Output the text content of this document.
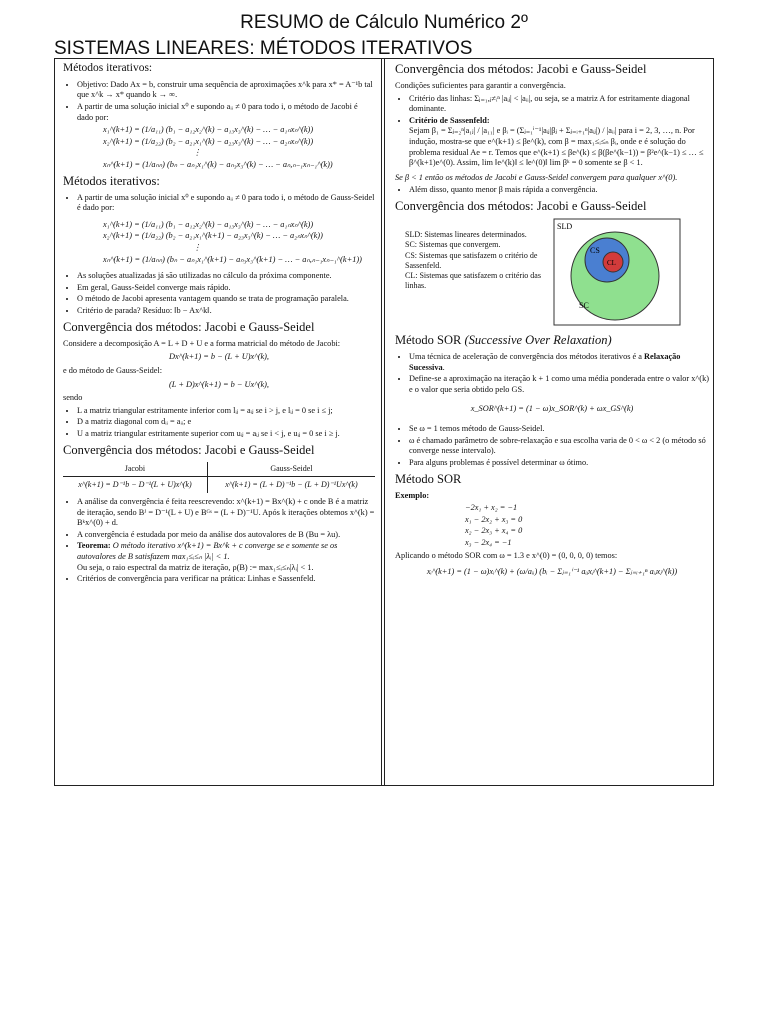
RESUMO de Cálculo Numérico 2º
SISTEMAS LINEARES: MÉTODOS ITERATIVOS
Métodos iterativos:
• Objetivo: Dado Ax = b, construir uma sequência de aproximações x^k para x* = A⁻¹b tal que x^k → x* quando k → ∞.
• A partir de uma solução inicial x⁰ e supondo aᵢᵢ ≠ 0 para todo i, o método de Jacobi é dado por:
x₁^(k+1) = (1/a₁₁) (b₁ − a₁₂x₂^(k) − a₁₃x₃^(k) − … − a₁ₙxₙ^(k))
x₂^(k+1) = (1/a₂₂) (b₂ − a₂₁x₁^(k) − a₂₃x₃^(k) − … − a₂ₙxₙ^(k))
⋮
xₙ^(k+1) = (1/aₙₙ) (bₙ − aₙ₁x₁^(k) − aₙ₃x₃^(k) − … − aₙ,ₙ₋₁xₙ₋₁^(k))
Métodos iterativos:
• A partir de uma solução inicial x⁰ e supondo aᵢᵢ ≠ 0 para todo i, o método de Gauss-Seidel é dado por:
x₁^(k+1) = (1/a₁₁) (b₁ − a₁₂x₂^(k) − a₁₃x₃^(k) − … − a₁ₙxₙ^(k))
x₂^(k+1) = (1/a₂₂) (b₂ − a₂₁x₁^(k+1) − a₂₃x₃^(k) − … − a₂ₙxₙ^(k))
⋮
xₙ^(k+1) = (1/aₙₙ) (bₙ − aₙ₁x₁^(k+1) − aₙ₃x₃^(k+1) − … − aₙ,ₙ₋₁xₙ₋₁^(k+1))
• As soluções atualizadas já são utilizadas no cálculo da próxima componente.
• Em geral, Gauss-Seidel converge mais rápido.
• O método de Jacobi apresenta vantagem quando se trata de programação paralela.
• Critério de parada? Resíduo: ‖b − Ax^k‖.
Convergência dos métodos: Jacobi e Gauss-Seidel

Considere a decomposição A = L + D + U e a forma matricial do método de Jacobi:

Dx^(k+1) = b − (L + U)x^(k),

e do método de Gauss-Seidel:

(L + D)x^(k+1) = b − Ux^(k),

sendo

• L a matriz triangular estritamente inferior com lᵢⱼ = aᵢⱼ se i > j, e lᵢⱼ = 0 se i ≤ j;
• D a matriz diagonal com dᵢᵢ = aᵢᵢ; e
• U a matriz triangular estritamente superior com uᵢⱼ = aᵢⱼ se i < j, e uᵢⱼ = 0 se i ≥ j.
Convergência dos métodos: Jacobi e Gauss-Seidel
Jacobi	Gauss-Seidel
x^(k+1) = D⁻¹b − D⁻¹(L + U)x^(k)	x^(k+1) = (L + D)⁻¹b − (L + D)⁻¹Ux^(k)
• A análise da convergência é feita reescrevendo: x^(k+1) = Bx^(k) + c onde B é a matriz de iteração, sendo Bᴶ = D⁻¹(L + U) e Bᴳˢ = (L + D)⁻¹U. Após k iterações obtemos x^(k) = Bᵏx^(0) + d.
• A convergência é estudada por meio da análise dos autovalores de B (Bu = λu).
• Teorema: O método iterativo x^(k+1) = Bx^k + c converge se e somente se os autovalores de B satisfazem max₁≤ᵢ≤ₙ |λᵢ| < 1.
Ou seja, o raio espectral da matriz de iteração, ρ(B) := max₁≤ᵢ≤ₙ|λᵢ| < 1.
• Critérios de convergência para verificar na prática: Linhas e Sassenfeld.
Convergência dos métodos: Jacobi e Gauss-Seidel

Condições suficientes para garantir a convergência.

• Critério das linhas: Σⱼ₌₁,ⱼ≠ᵢⁿ |aᵢⱼ| < |aᵢᵢ|, ou seja, se a matriz A for estritamente diagonal dominante.
• Critério de Sassenfeld:
Sejam β₁ = Σⱼ₌₂ⁿ|a₁ⱼ| / |a₁₁| e βᵢ = (Σⱼ₌₁ⁱ⁻¹|aᵢⱼ|βⱼ + Σⱼ₌ᵢ₊₁ⁿ|aᵢⱼ|) / |aᵢᵢ| para i = 2, 3, …, n. Por indução, mostra-se que e^(k+1) ≤ βe^(k), com β = max₁≤ᵢ≤ₙ βᵢ, onde e é solução do problema residual Ae = r. Temos que e^(k+1) ≤ βe^(k) ≤ β(βe^(k−1)) = β²e^(k−1) ≤ … ≤ β^(k+1)e^(0). Assim, lim ‖e^(k)‖ ≤ ‖e^(0)‖ lim βᵏ = 0 somente se β < 1.

Se β < 1 então os métodos de Jacobi e Gauss-Seidel convergem para qualquer x^(0).

• Além disso, quanto menor β mais rápida a convergência.
Convergência dos métodos: Jacobi e Gauss-Seidel
SLD: Sistemas lineares determinados.
SC: Sistemas que convergem.
CS: Sistemas que satisfazem o critério de Sassenfeld.
CL: Sistemas que satisfazem o critério das linhas.
SLD
SC
CS
CL
Método SOR (Successive Over Relaxation)
• Uma técnica de aceleração de convergência dos métodos iterativos é a Relaxação Sucessiva.
• Define-se a aproximação na iteração k + 1 como uma média ponderada entre o valor x^(k) e o valor que seria obtido pelo GS.
x_SOR^(k+1) = (1 − ω)x_SOR^(k) + ωx_GS^(k)
• Se ω = 1 temos método de Gauss-Seidel.
• ω é chamado parâmetro de sobre-relaxação e sua escolha varia de 0 < ω < 2 (o método só converge nesse intervalo).
• Para alguns problemas é possível determinar ω ótimo.
Método SOR
Exemplo:
−2x₁ + x₂ = −1
x₁ − 2x₂ + x₃ = 0
x₂ − 2x₃ + x₄ = 0
x₃ − 2x₄ = −1

Aplicando o método SOR com ω = 1.3 e x^(0) = (0, 0, 0, 0) temos:

xᵢ^(k+1) = (1 − ω)xᵢ^(k) + (ω/aᵢᵢ) (bᵢ − Σⱼ₌₁ⁱ⁻¹ aᵢⱼxⱼ^(k+1) − Σⱼ₌ᵢ₊₁ⁿ aᵢⱼxⱼ^(k))
